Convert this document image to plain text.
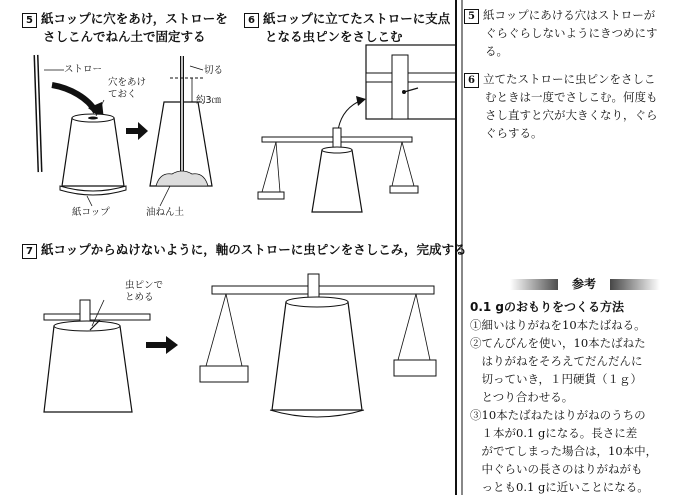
5 紙コップに穴をあけ，ストローを
さしこんでねん土で固定する
6 紙コップに立てたストローに支点
となる虫ピンをさしこむ
7 紙コップからぬけないように，軸のストローに虫ピンをさしこみ，完成する
ストロー
穴をあけ
ておく
切る
約3㎝
紙コップ	油ねん土
虫ピンで
とめる

5 紙コップにあける穴はストローが

ぐらぐらしないようにきつめにす

る。

6 立てたストローに虫ピンをさしこ

むときは一度でさしこむ。何度も

さし直すと穴が大きくなり，ぐら

ぐらする。

参考

0.1 gのおもりをつくる方法

①細いはりがねを10本たばねる。

②てんびんを使い，10本たばねた

　はりがねをそろえてだんだんに

　切っていき，１円硬貨（１ｇ）

　とつり合わせる。

③10本たばねたはりがねのうちの

　１本が0.1 gになる。長さに差

　がでてしまった場合は，10本中，

　中ぐらいの長さのはりがねがも

　っとも0.1 gに近いことになる。
